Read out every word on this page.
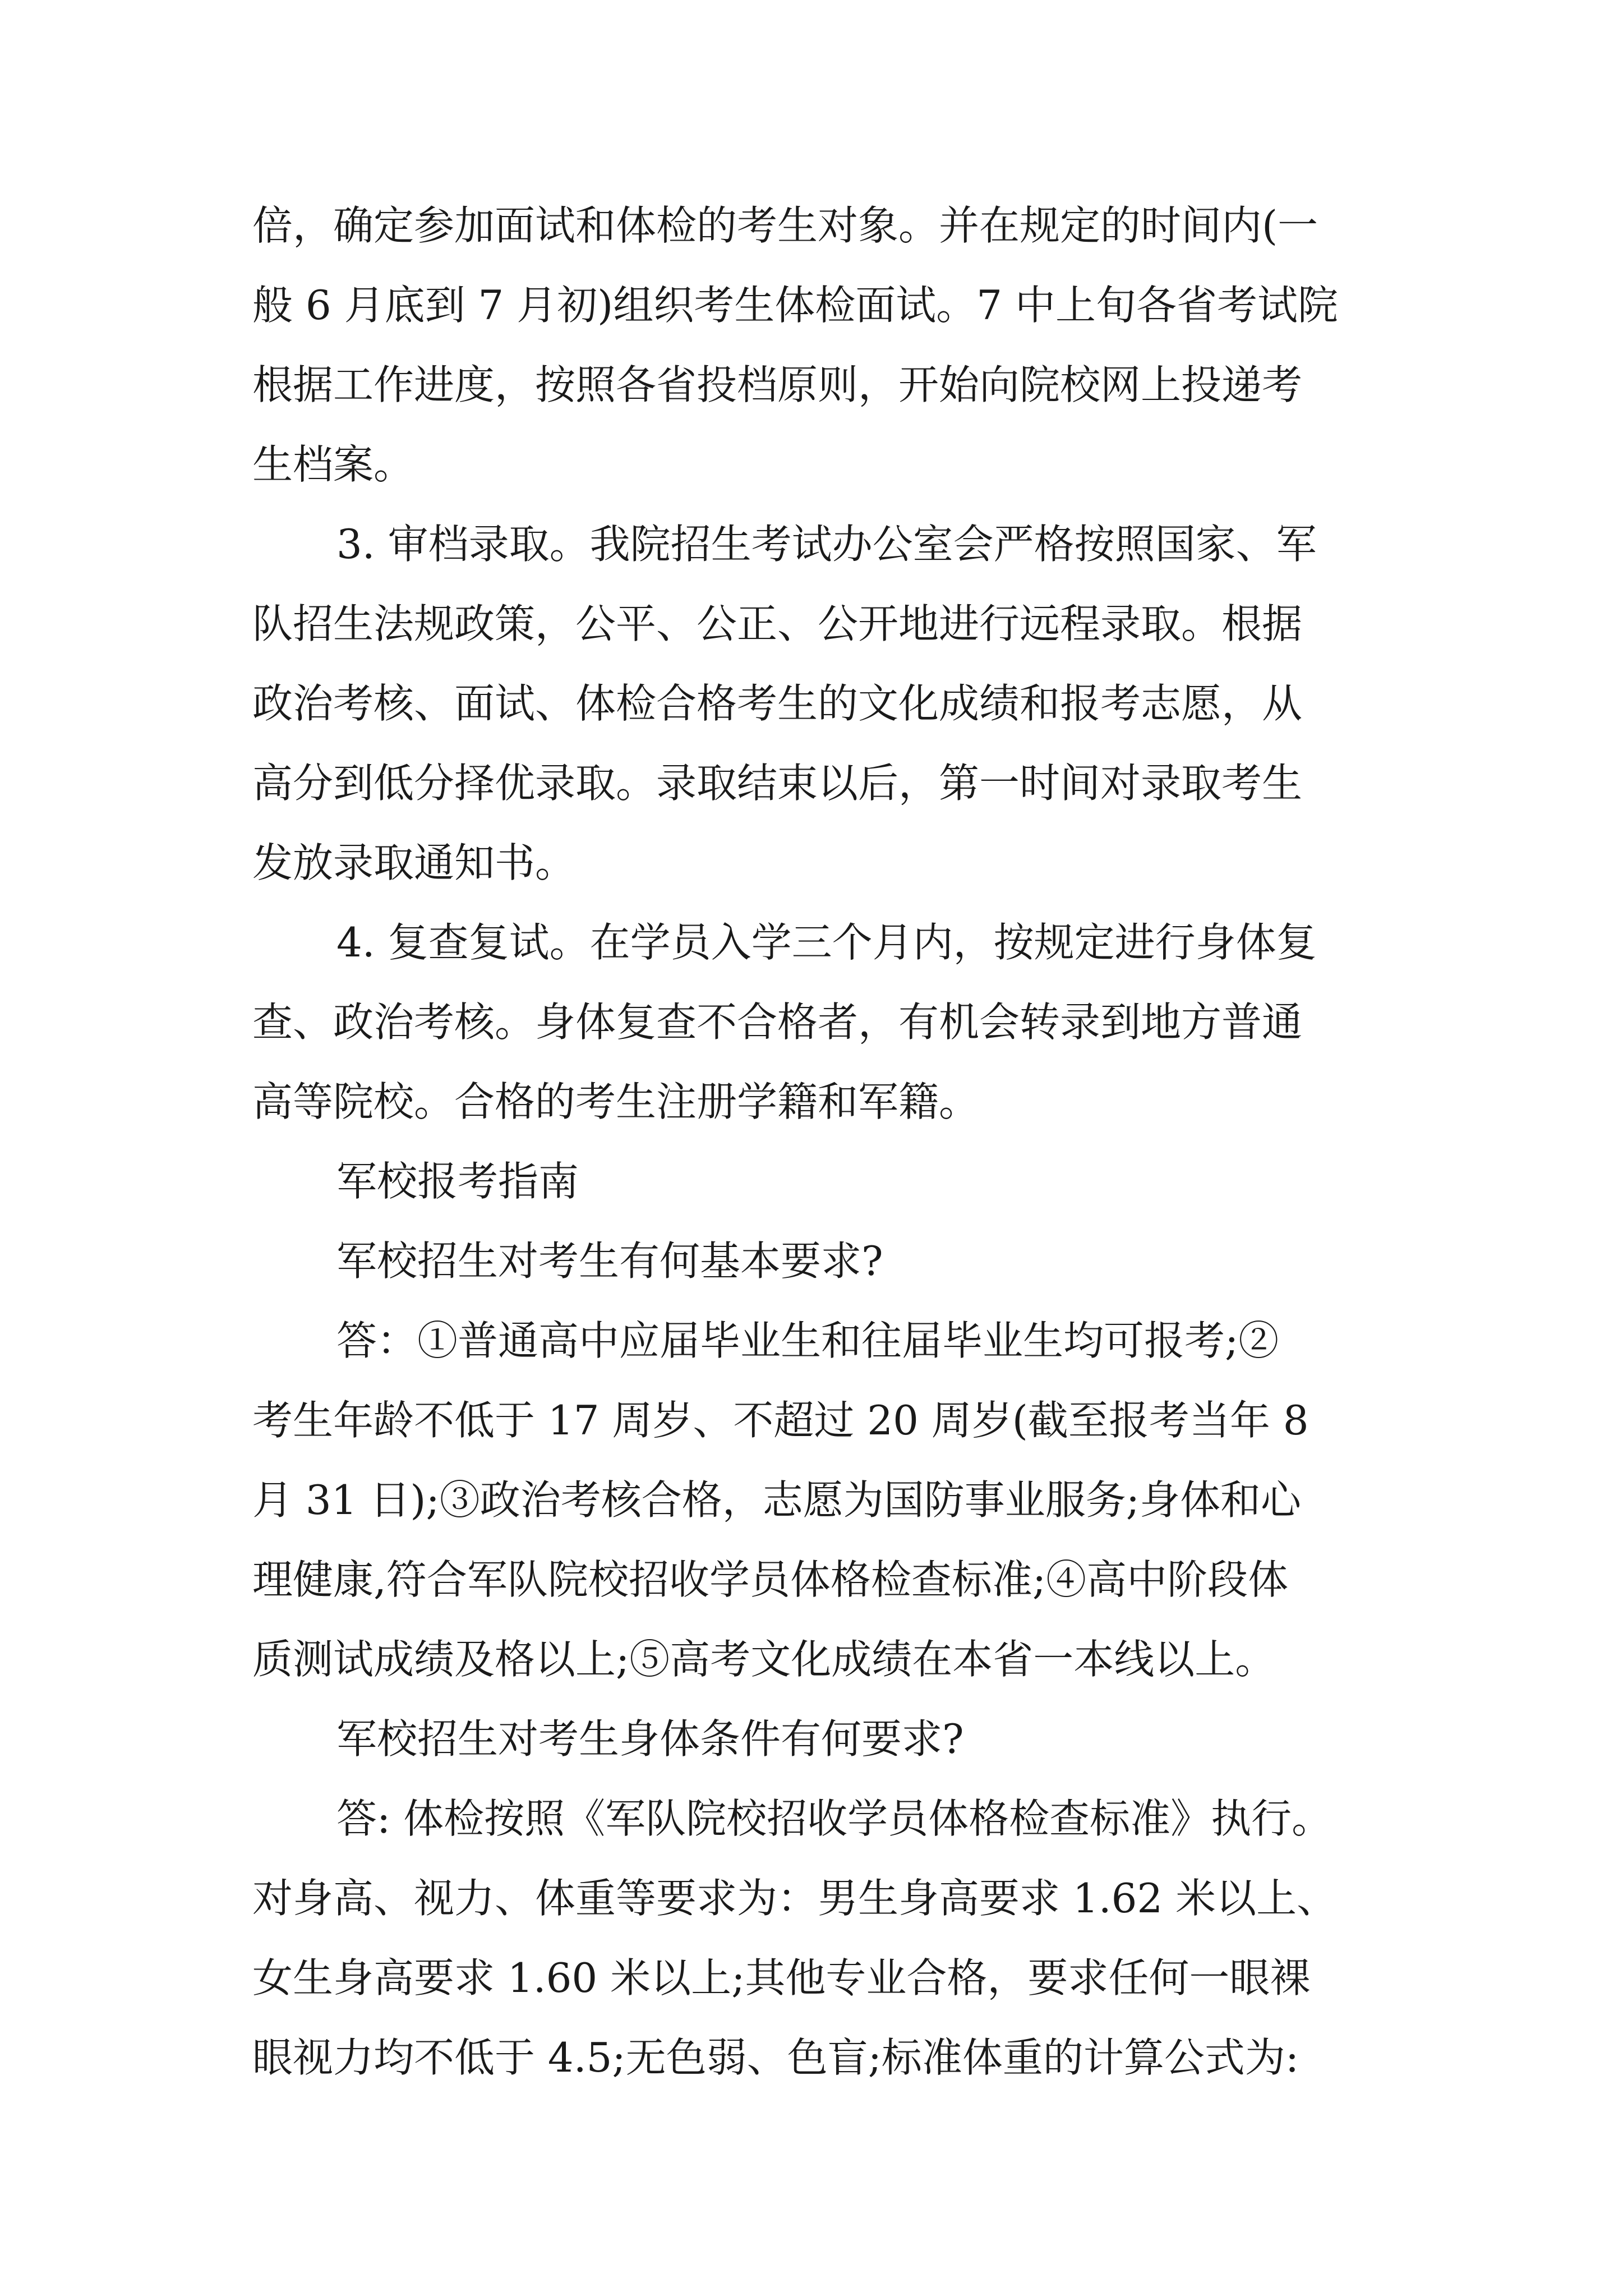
倍，确定参加面试和体检的考生对象。并在规定的时间内(一
般 6 月底到 7 月初)组织考生体检面试。7 中上旬各省考试院
根据工作进度，按照各省投档原则，开始向院校网上投递考
生档案。
3. 审档录取。我院招生考试办公室会严格按照国家、军
队招生法规政策，公平、公正、公开地进行远程录取。根据
政治考核、面试、体检合格考生的文化成绩和报考志愿，从
高分到低分择优录取。录取结束以后，第一时间对录取考生
发放录取通知书。
4. 复查复试。在学员入学三个月内，按规定进行身体复
查、政治考核。身体复查不合格者，有机会转录到地方普通
高等院校。合格的考生注册学籍和军籍。
军校报考指南
军校招生对考生有何基本要求?
答：①普通高中应届毕业生和往届毕业生均可报考;②
考生年龄不低于 17 周岁、不超过 20 周岁(截至报考当年 8
月 31 日);③政治考核合格，志愿为国防事业服务;身体和心
理健康,符合军队院校招收学员体格检查标准;④高中阶段体
质测试成绩及格以上;⑤高考文化成绩在本省一本线以上。
军校招生对考生身体条件有何要求?
答: 体检按照《军队院校招收学员体格检查标准》执行。
对身高、视力、体重等要求为：男生身高要求 1.62 米以上、
女生身高要求 1.60 米以上;其他专业合格，要求任何一眼裸
眼视力均不低于 4.5;无色弱、色盲;标准体重的计算公式为:
